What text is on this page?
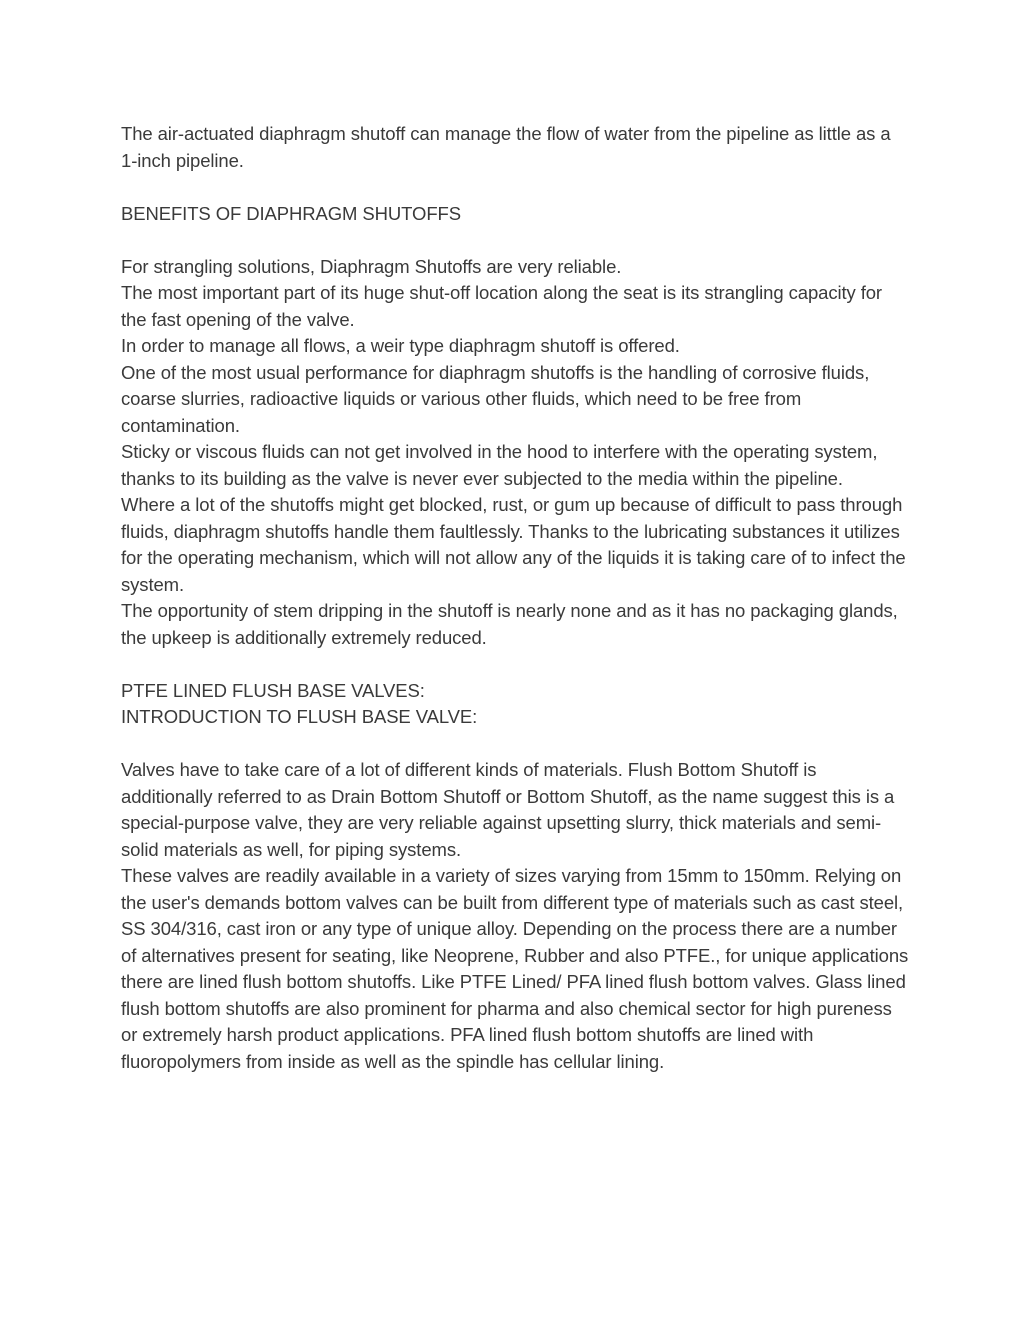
The air-actuated diaphragm shutoff can manage the flow of water from the pipeline as little as a 1-inch pipeline.

BENEFITS OF DIAPHRAGM SHUTOFFS

For strangling solutions, Diaphragm Shutoffs are very reliable.

The most important part of its huge shut-off location along the seat is its strangling capacity for the fast opening of the valve.

In order to manage all flows, a weir type diaphragm shutoff is offered.

One of the most usual performance for diaphragm shutoffs is the handling of corrosive fluids, coarse slurries, radioactive liquids or various other fluids, which need to be free from contamination.

Sticky or viscous fluids can not get involved in the hood to interfere with the operating system, thanks to its building as the valve is never ever subjected to the media within the pipeline.

Where a lot of the shutoffs might get blocked, rust, or gum up because of difficult to pass through fluids, diaphragm shutoffs handle them faultlessly. Thanks to the lubricating substances it utilizes for the operating mechanism, which will not allow any of the liquids it is taking care of to infect the system.

The opportunity of stem dripping in the shutoff is nearly none and as it has no packaging glands, the upkeep is additionally extremely reduced.

PTFE LINED FLUSH BASE VALVES:

INTRODUCTION TO FLUSH BASE VALVE:

Valves have to take care of a lot of different kinds of materials. Flush Bottom Shutoff is additionally referred to as Drain Bottom Shutoff or Bottom Shutoff, as the name suggest this is a special-purpose valve, they are very reliable against upsetting slurry, thick materials and semi-solid materials as well, for piping systems.

These valves are readily available in a variety of sizes varying from 15mm to 150mm. Relying on the user's demands bottom valves can be built from different type of materials such as cast steel, SS 304/316, cast iron or any type of unique alloy. Depending on the process there are a number of alternatives present for seating, like Neoprene, Rubber and also PTFE., for unique applications there are lined flush bottom shutoffs. Like PTFE Lined/ PFA lined flush bottom valves. Glass lined flush bottom shutoffs are also prominent for pharma and also chemical sector for high pureness or extremely harsh product applications. PFA lined flush bottom shutoffs are lined with fluoropolymers from inside as well as the spindle has cellular lining.
